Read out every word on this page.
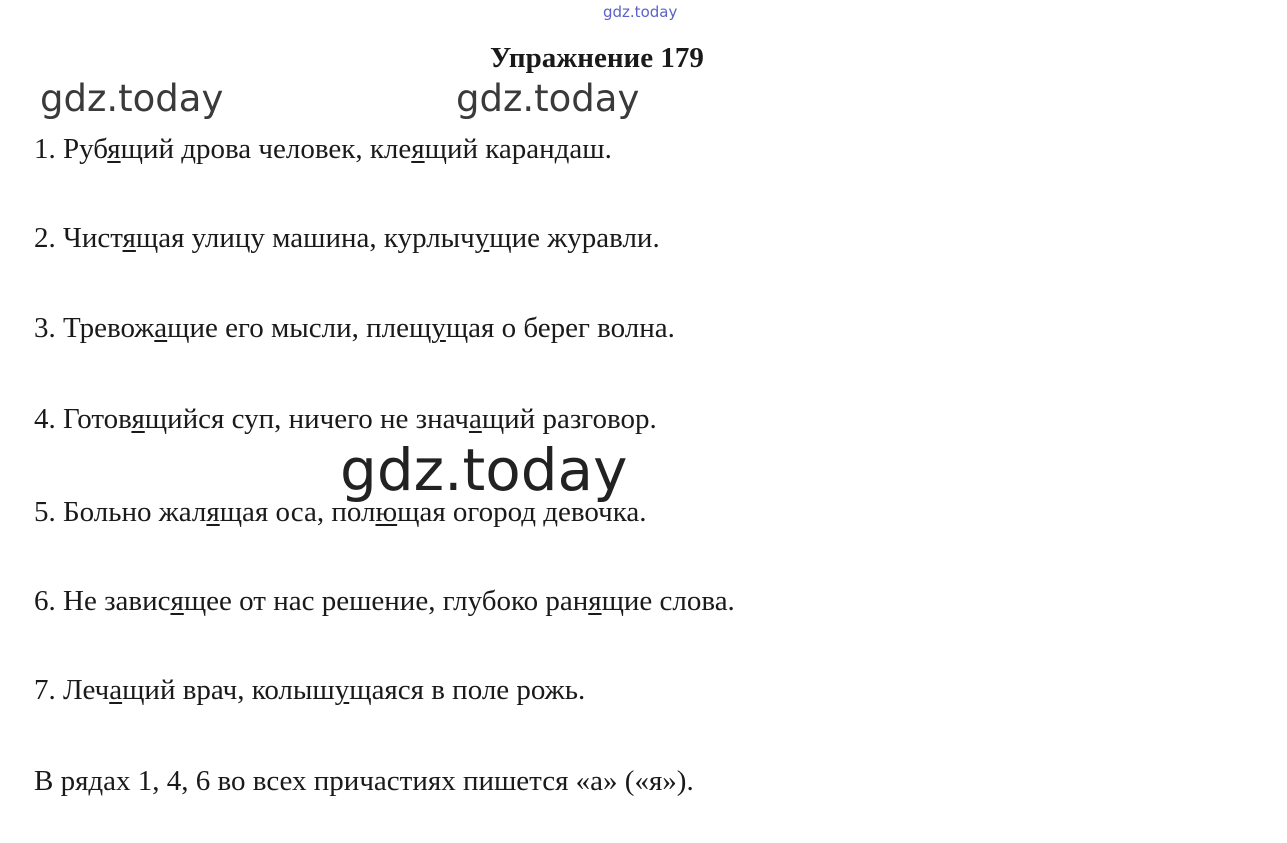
gdz.today
gdz.today	gdz.today
Упражнение 179
1. Рубящий дрова человек, клеящий карандаш.
2. Чистящая улицу машина, курлычущие журавли.
3. Тревожащие его мысли, плещущая о берег волна.
4. Готовящийся суп, ничего не значащий разговор.
5. Больно жалящая оса, полющая огород девочка.
6. Не зависящее от нас решение, глубоко ранящие слова.
7. Лечащий врач, колышущаяся в поле рожь.
В рядах 1, 4, 6 во всех причастиях пишется «а» («я»).
gdz.today
